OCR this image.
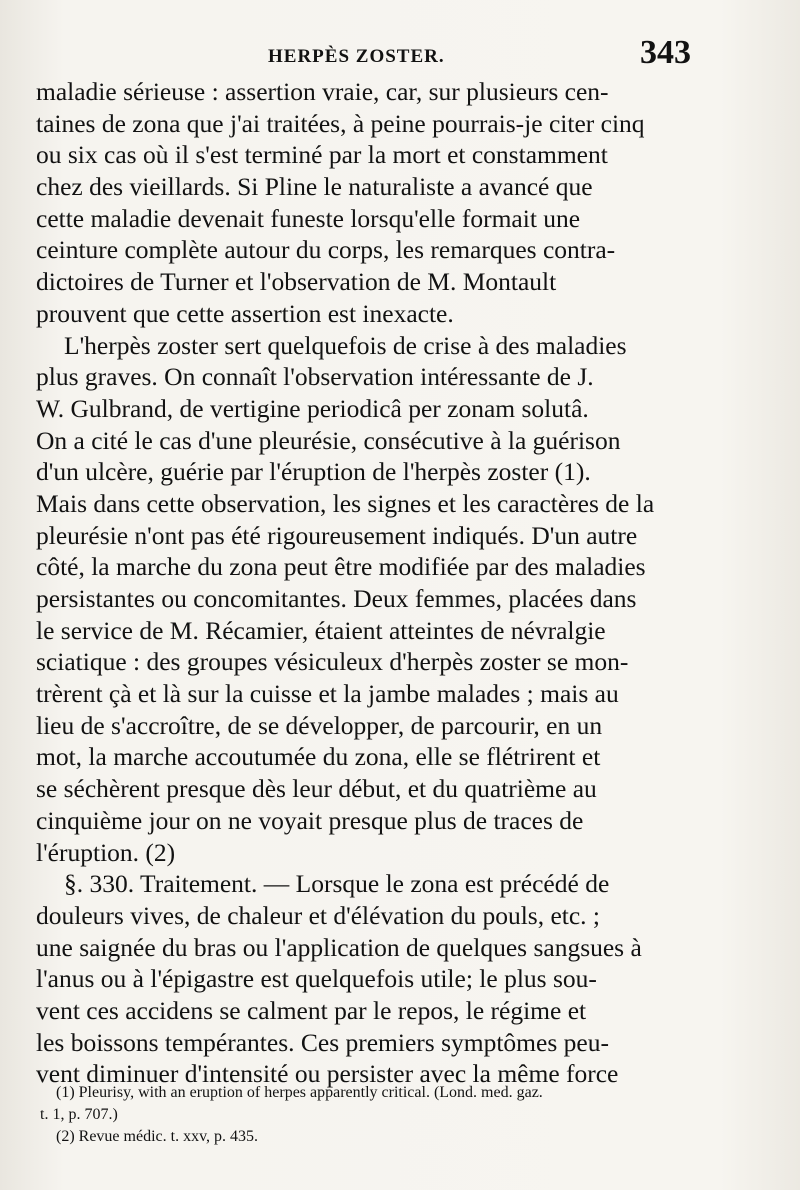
HERPÈS ZOSTER.	343
maladie sérieuse : assertion vraie, car, sur plusieurs cen-
taines de zona que j'ai traitées, à peine pourrais-je citer cinq
ou six cas où il s'est terminé par la mort et constamment
chez des vieillards. Si Pline le naturaliste a avancé que
cette maladie devenait funeste lorsqu'elle formait une
ceinture complète autour du corps, les remarques contra-
dictoires de Turner et l'observation de M. Montault
prouvent que cette assertion est inexacte.
L'herpès zoster sert quelquefois de crise à des maladies
plus graves. On connaît l'observation intéressante de J.
W. Gulbrand, de vertigine periodicâ per zonam solutâ.
On a cité le cas d'une pleurésie, consécutive à la guérison
d'un ulcère, guérie par l'éruption de l'herpès zoster (1).
Mais dans cette observation, les signes et les caractères de la
pleurésie n'ont pas été rigoureusement indiqués. D'un autre
côté, la marche du zona peut être modifiée par des maladies
persistantes ou concomitantes. Deux femmes, placées dans
le service de M. Récamier, étaient atteintes de névralgie
sciatique : des groupes vésiculeux d'herpès zoster se mon-
trèrent çà et là sur la cuisse et la jambe malades ; mais au
lieu de s'accroître, de se développer, de parcourir, en un
mot, la marche accoutumée du zona, elle se flétrirent et
se séchèrent presque dès leur début, et du quatrième au
cinquième jour on ne voyait presque plus de traces de
l'éruption. (2)
§. 330. Traitement. — Lorsque le zona est précédé de
douleurs vives, de chaleur et d'élévation du pouls, etc. ;
une saignée du bras ou l'application de quelques sangsues à
l'anus ou à l'épigastre est quelquefois utile; le plus sou-
vent ces accidens se calment par le repos, le régime et
les boissons tempérantes. Ces premiers symptômes peu-
vent diminuer d'intensité ou persister avec la même force
(1) Pleurisy, with an eruption of herpes apparently critical. (Lond. med. gaz.
t. 1, p. 707.)
(2) Revue médic. t. xxv, p. 435.
